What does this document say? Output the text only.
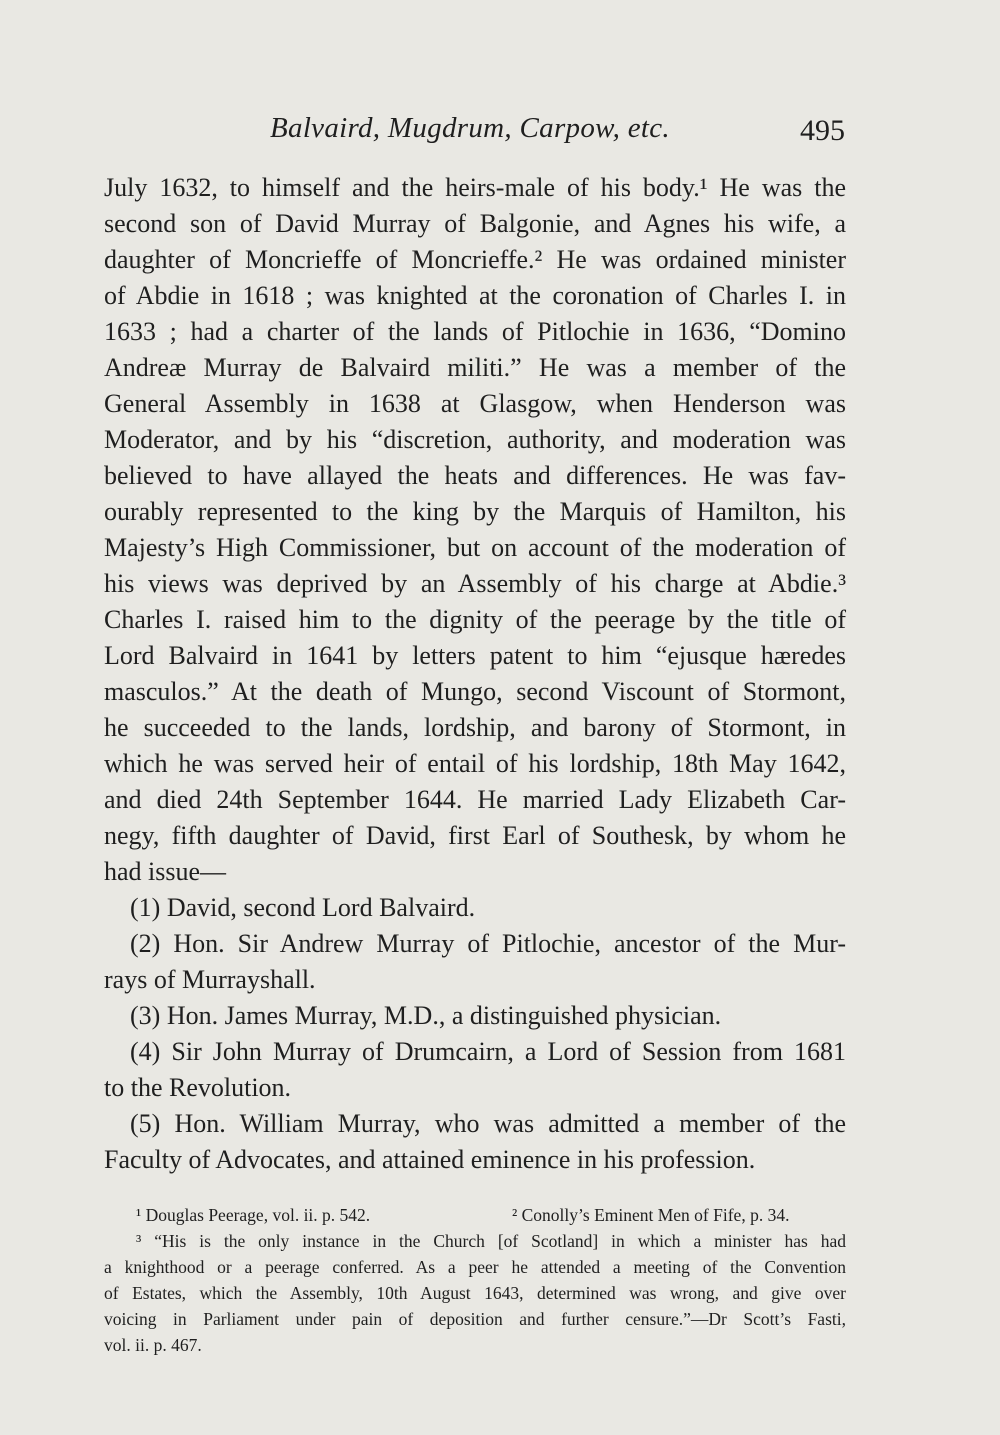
Balvaird, Mugdrum, Carpow, etc.	495
July 1632, to himself and the heirs-male of his body.¹ He was the
second son of David Murray of Balgonie, and Agnes his wife, a
daughter of Moncrieffe of Moncrieffe.² He was ordained minister
of Abdie in 1618 ; was knighted at the coronation of Charles I. in
1633 ; had a charter of the lands of Pitlochie in 1636, “Domino
Andreæ Murray de Balvaird militi.” He was a member of the
General Assembly in 1638 at Glasgow, when Henderson was
Moderator, and by his “discretion, authority, and moderation was
believed to have allayed the heats and differences. He was fav-
ourably represented to the king by the Marquis of Hamilton, his
Majesty’s High Commissioner, but on account of the moderation of
his views was deprived by an Assembly of his charge at Abdie.³
Charles I. raised him to the dignity of the peerage by the title of
Lord Balvaird in 1641 by letters patent to him “ejusque hæredes
masculos.” At the death of Mungo, second Viscount of Stormont,
he succeeded to the lands, lordship, and barony of Stormont, in
which he was served heir of entail of his lordship, 18th May 1642,
and died 24th September 1644. He married Lady Elizabeth Car-
negy, fifth daughter of David, first Earl of Southesk, by whom he
had issue—
(1) David, second Lord Balvaird.
(2) Hon. Sir Andrew Murray of Pitlochie, ancestor of the Mur-
rays of Murrayshall.
(3) Hon. James Murray, M.D., a distinguished physician.
(4) Sir John Murray of Drumcairn, a Lord of Session from 1681
to the Revolution.
(5) Hon. William Murray, who was admitted a member of the
Faculty of Advocates, and attained eminence in his profession.
¹ Douglas Peerage, vol. ii. p. 542.	² Conolly’s Eminent Men of Fife, p. 34.
³ “His is the only instance in the Church [of Scotland] in which a minister has had
a knighthood or a peerage conferred. As a peer he attended a meeting of the Convention
of Estates, which the Assembly, 10th August 1643, determined was wrong, and give over
voicing in Parliament under pain of deposition and further censure.”—Dr Scott’s Fasti,
vol. ii. p. 467.
